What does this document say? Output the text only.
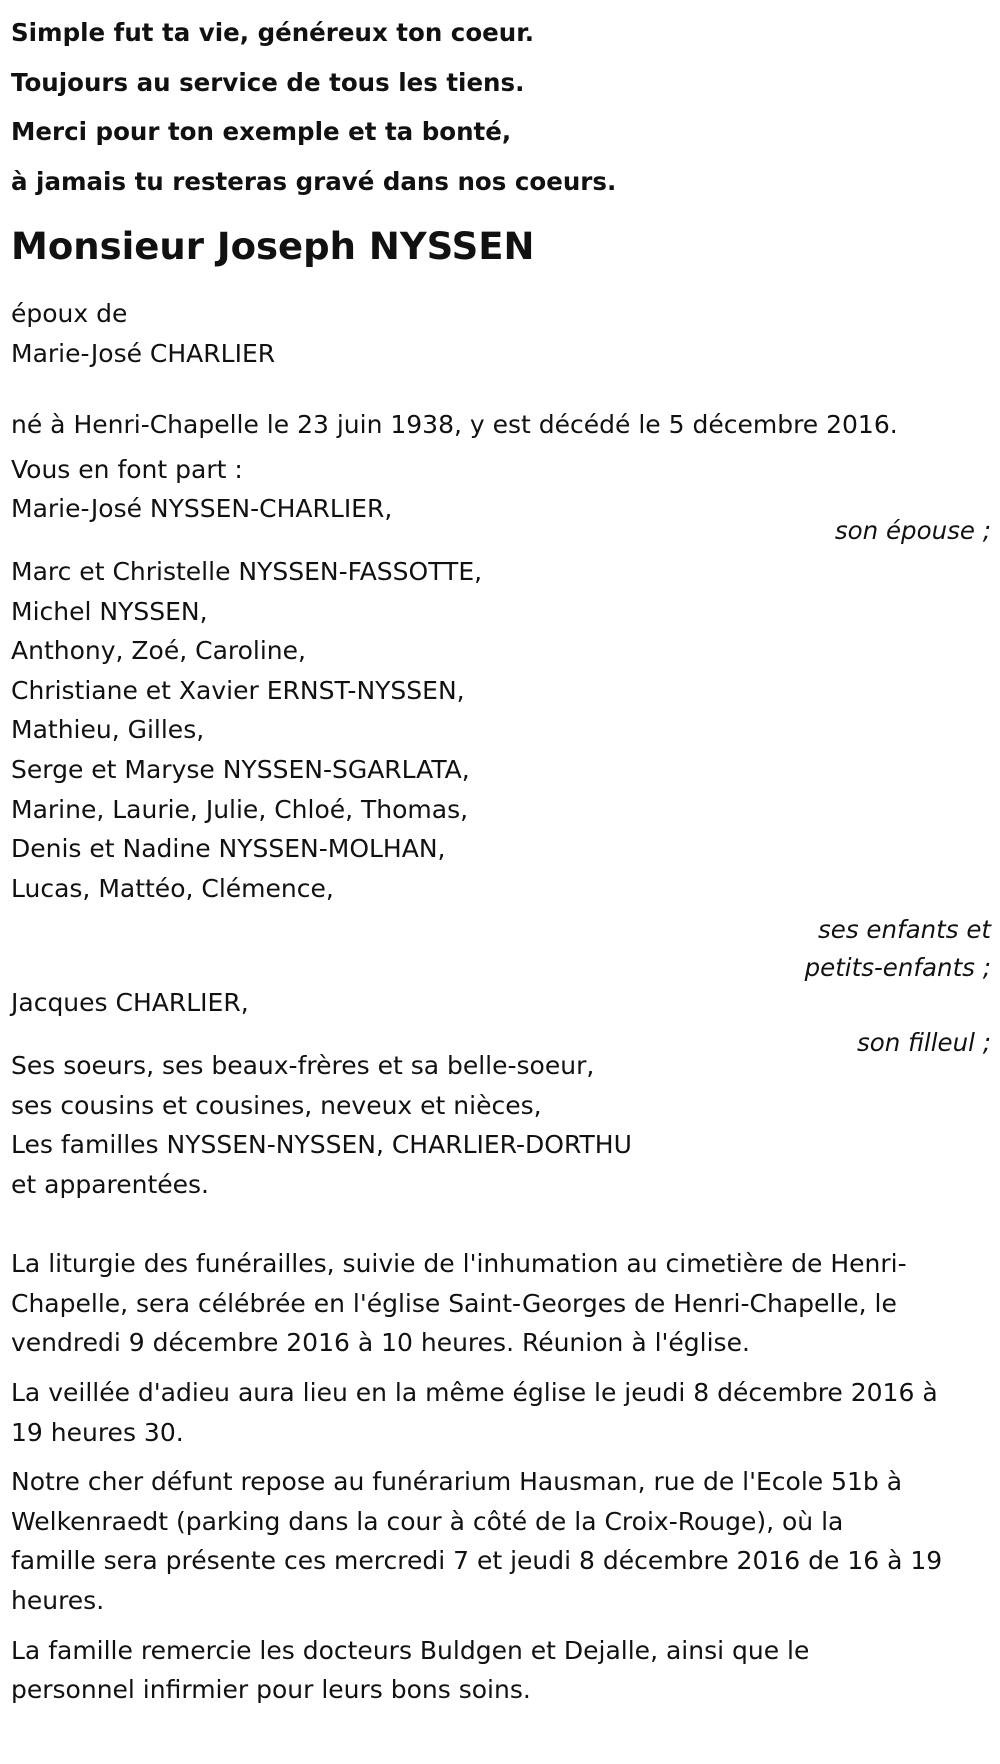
Simple fut ta vie, généreux ton coeur.
Toujours au service de tous les tiens.
Merci pour ton exemple et ta bonté,
à jamais tu resteras gravé dans nos coeurs.
Monsieur Joseph NYSSEN
époux de
Marie-José CHARLIER
né à Henri-Chapelle le 23 juin 1938, y est décédé le 5 décembre 2016.
Vous en font part :
Marie-José NYSSEN-CHARLIER,
son épouse ;
Marc et Christelle NYSSEN-FASSOTTE,
Michel NYSSEN,
Anthony, Zoé, Caroline,
Christiane et Xavier ERNST-NYSSEN,
Mathieu, Gilles,
Serge et Maryse NYSSEN-SGARLATA,
Marine, Laurie, Julie, Chloé, Thomas,
Denis et Nadine NYSSEN-MOLHAN,
Lucas, Mattéo, Clémence,
ses enfants et
petits-enfants ;
Jacques CHARLIER,
son filleul ;
Ses soeurs, ses beaux-frères et sa belle-soeur,
ses cousins et cousines, neveux et nièces,
Les familles NYSSEN-NYSSEN, CHARLIER-DORTHU
et apparentées.
La liturgie des funérailles, suivie de l'inhumation au cimetière de Henri-
Chapelle, sera célébrée en l'église Saint-Georges de Henri-Chapelle, le
vendredi 9 décembre 2016 à 10 heures. Réunion à l'église.
La veillée d'adieu aura lieu en la même église le jeudi 8 décembre 2016 à
19 heures 30.
Notre cher défunt repose au funérarium Hausman, rue de l'Ecole 51b à
Welkenraedt (parking dans la cour à côté de la Croix-Rouge), où la
famille sera présente ces mercredi 7 et jeudi 8 décembre 2016 de 16 à 19
heures.
La famille remercie les docteurs Buldgen et Dejalle, ainsi que le
personnel infirmier pour leurs bons soins.
